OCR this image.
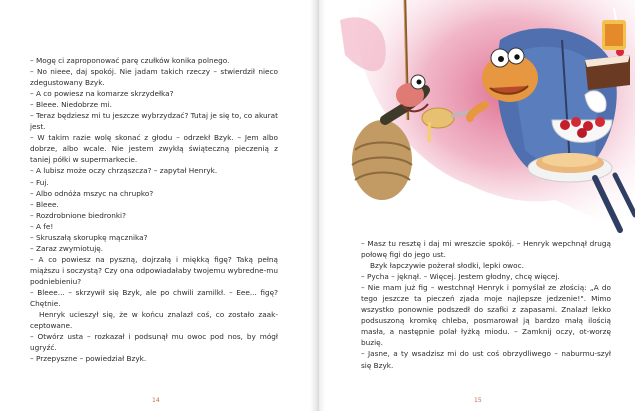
– Mogę ci zaproponować parę czułków konika polnego.

– No nieee, daj spokój. Nie jadam takich rzeczy – stwierdził nieco zdegustowany Bzyk.

– A co powiesz na komarze skrzydełka?

– Bleee. Niedobrze mi.

– Teraz będziesz mi tu jeszcze wybrzydzać? Tutaj je się to, co akurat jest.

– W takim razie wolę skonać z głodu – odrzekł Bzyk. – Jem albo dobrze, albo wcale. Nie jestem zwykłą świąteczną pieczenią z taniej półki w supermarkecie.

– A lubisz może oczy chrząszcza? – zapytał Henryk.

– Fuj.

– Albo odnóża mszyc na chrupko?

– Bleee.

– Rozdrobnione biedronki?

– A fe!

– Skruszałą skorupkę mącznika?

– Zaraz zwymiotuję.

– A co powiesz na pyszną, dojrzałą i miękką figę? Taką pełną miąższu i soczystą? Czy ona odpowiadałaby twojemu wybredne-mu podniebieniu?

– Bleee... – skrzywił się Bzyk, ale po chwili zamilkł. – Eee... figę? Chętnie.

Henryk ucieszył się, że w końcu znalazł coś, co zostało zaak-ceptowane.

– Otwórz usta – rozkazał i podsunął mu owoc pod nos, by mógł ugryźć.

– Przepyszne – powiedział Bzyk.

– Masz tu resztę i daj mi wreszcie spokój. – Henryk wepchnął drugą połowę figi do jego ust.

Bzyk łapczywie pożerał słodki, lepki owoc.

– Pycha – jęknął. – Więcej. Jestem głodny, chcę więcej.

– Nie mam już fig – westchnął Henryk i pomyślał ze złością: „A do tego jeszcze ta pieczeń zjada moje najlepsze jedzenie!". Mimo wszystko ponownie podszedł do szafki z zapasami. Znalazł lekko podsuszoną kromkę chleba, posmarował ją bardzo małą ilością masła, a następnie polał łyżką miodu. – Zamknij oczy, ot-worzę buzię.

– Jasne, a ty wsadzisz mi do ust coś obrzydliwego – naburmu-szył się Bzyk.

14	15
